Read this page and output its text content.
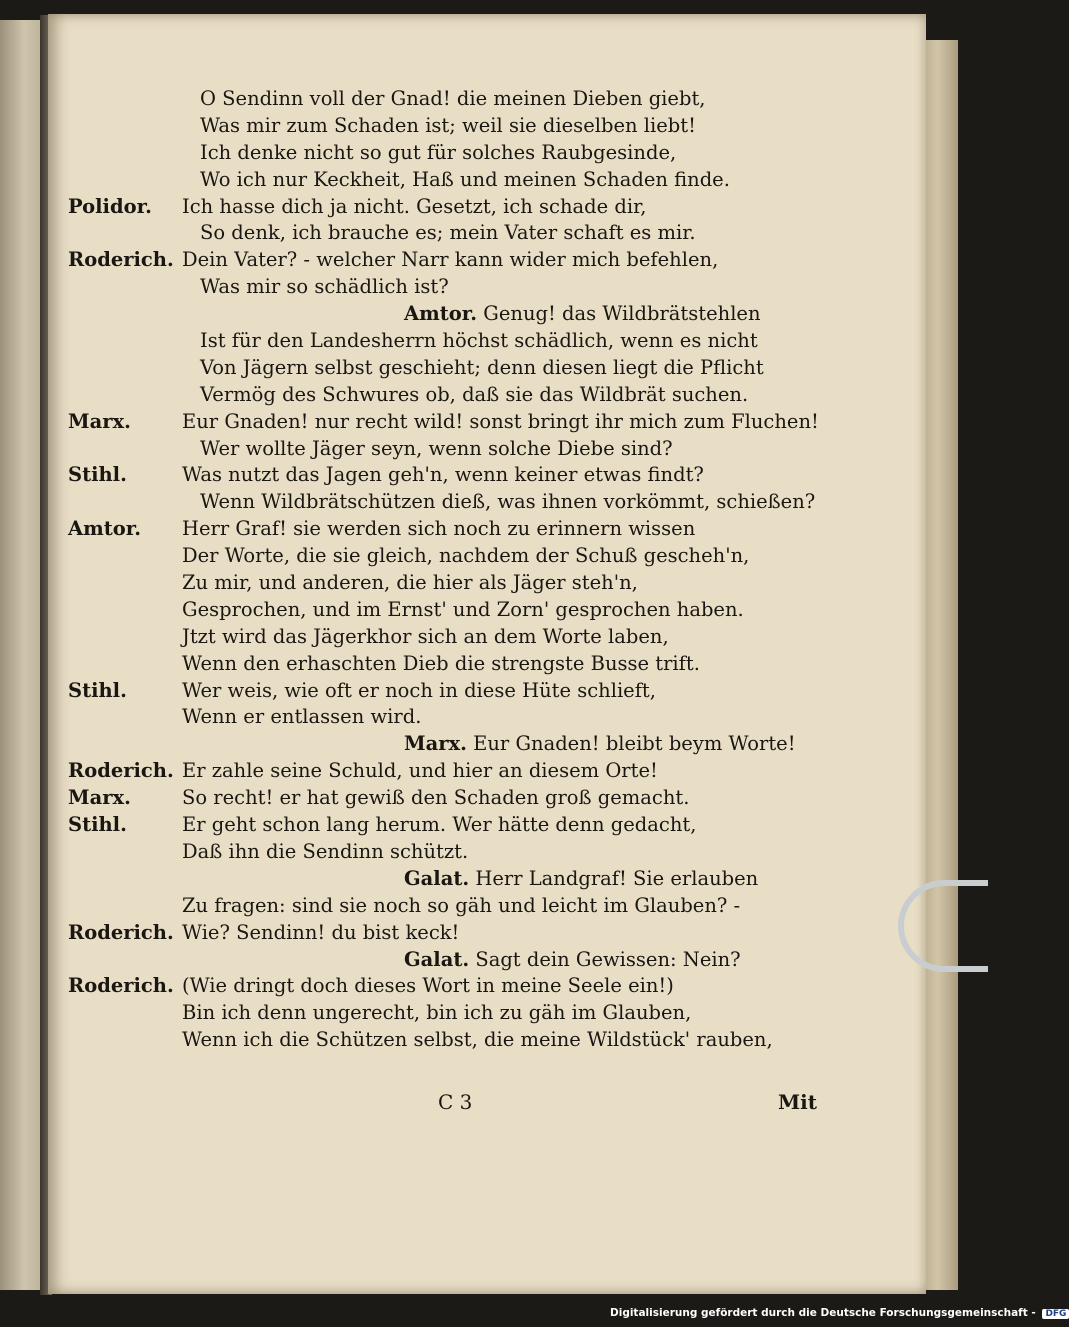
O Sendinn voll der Gnad! die meinen Dieben giebt,
Was mir zum Schaden ist; weil sie dieselben liebt!
Ich denke nicht so gut für solches Raubgesinde,
Wo ich nur Keckheit, Haß und meinen Schaden finde.
Polidor.	Ich hasse dich ja nicht. Gesetzt, ich schade dir,
So denk, ich brauche es; mein Vater schaft es mir.
Roderich. Dein Vater? - welcher Narr kann wider mich befehlen,
Was mir so schädlich ist?
Amtor. Genug! das Wildbrätstehlen
Ist für den Landesherrn höchst schädlich, wenn es nicht
Von Jägern selbst geschieht; denn diesen liegt die Pflicht
Vermög des Schwures ob, daß sie das Wildbrät suchen.
Marx.	Eur Gnaden! nur recht wild! sonst bringt ihr mich zum Fluchen!
Wer wollte Jäger seyn, wenn solche Diebe sind?
Stihl.	Was nutzt das Jagen geh'n, wenn keiner etwas findt?
Wenn Wildbrätschützen dieß, was ihnen vorkömmt, schießen?
Amtor.	Herr Graf! sie werden sich noch zu erinnern wissen
Der Worte, die sie gleich, nachdem der Schuß gescheh'n,
Zu mir, und anderen, die hier als Jäger steh'n,
Gesprochen, und im Ernst' und Zorn' gesprochen haben.
Jtzt wird das Jägerkhor sich an dem Worte laben,
Wenn den erhaschten Dieb die strengste Busse trift.
Stihl.	Wer weis, wie oft er noch in diese Hüte schlieft,
Wenn er entlassen wird.
Marx. Eur Gnaden! bleibt beym Worte!
Roderich. Er zahle seine Schuld, und hier an diesem Orte!
Marx.	So recht! er hat gewiß den Schaden groß gemacht.
Stihl.	Er geht schon lang herum. Wer hätte denn gedacht,
Daß ihn die Sendinn schützt.
Galat. Herr Landgraf! Sie erlauben
Zu fragen: sind sie noch so gäh und leicht im Glauben? -
Roderich. Wie? Sendinn! du bist keck!
Galat. Sagt dein Gewissen: Nein?
Roderich. (Wie dringt doch dieses Wort in meine Seele ein!)
Bin ich denn ungerecht, bin ich zu gäh im Glauben,
Wenn ich die Schützen selbst, die meine Wildstück' rauben,
C 3	Mit
Digitalisierung gefördert durch die Deutsche Forschungsgemeinschaft - DFG
